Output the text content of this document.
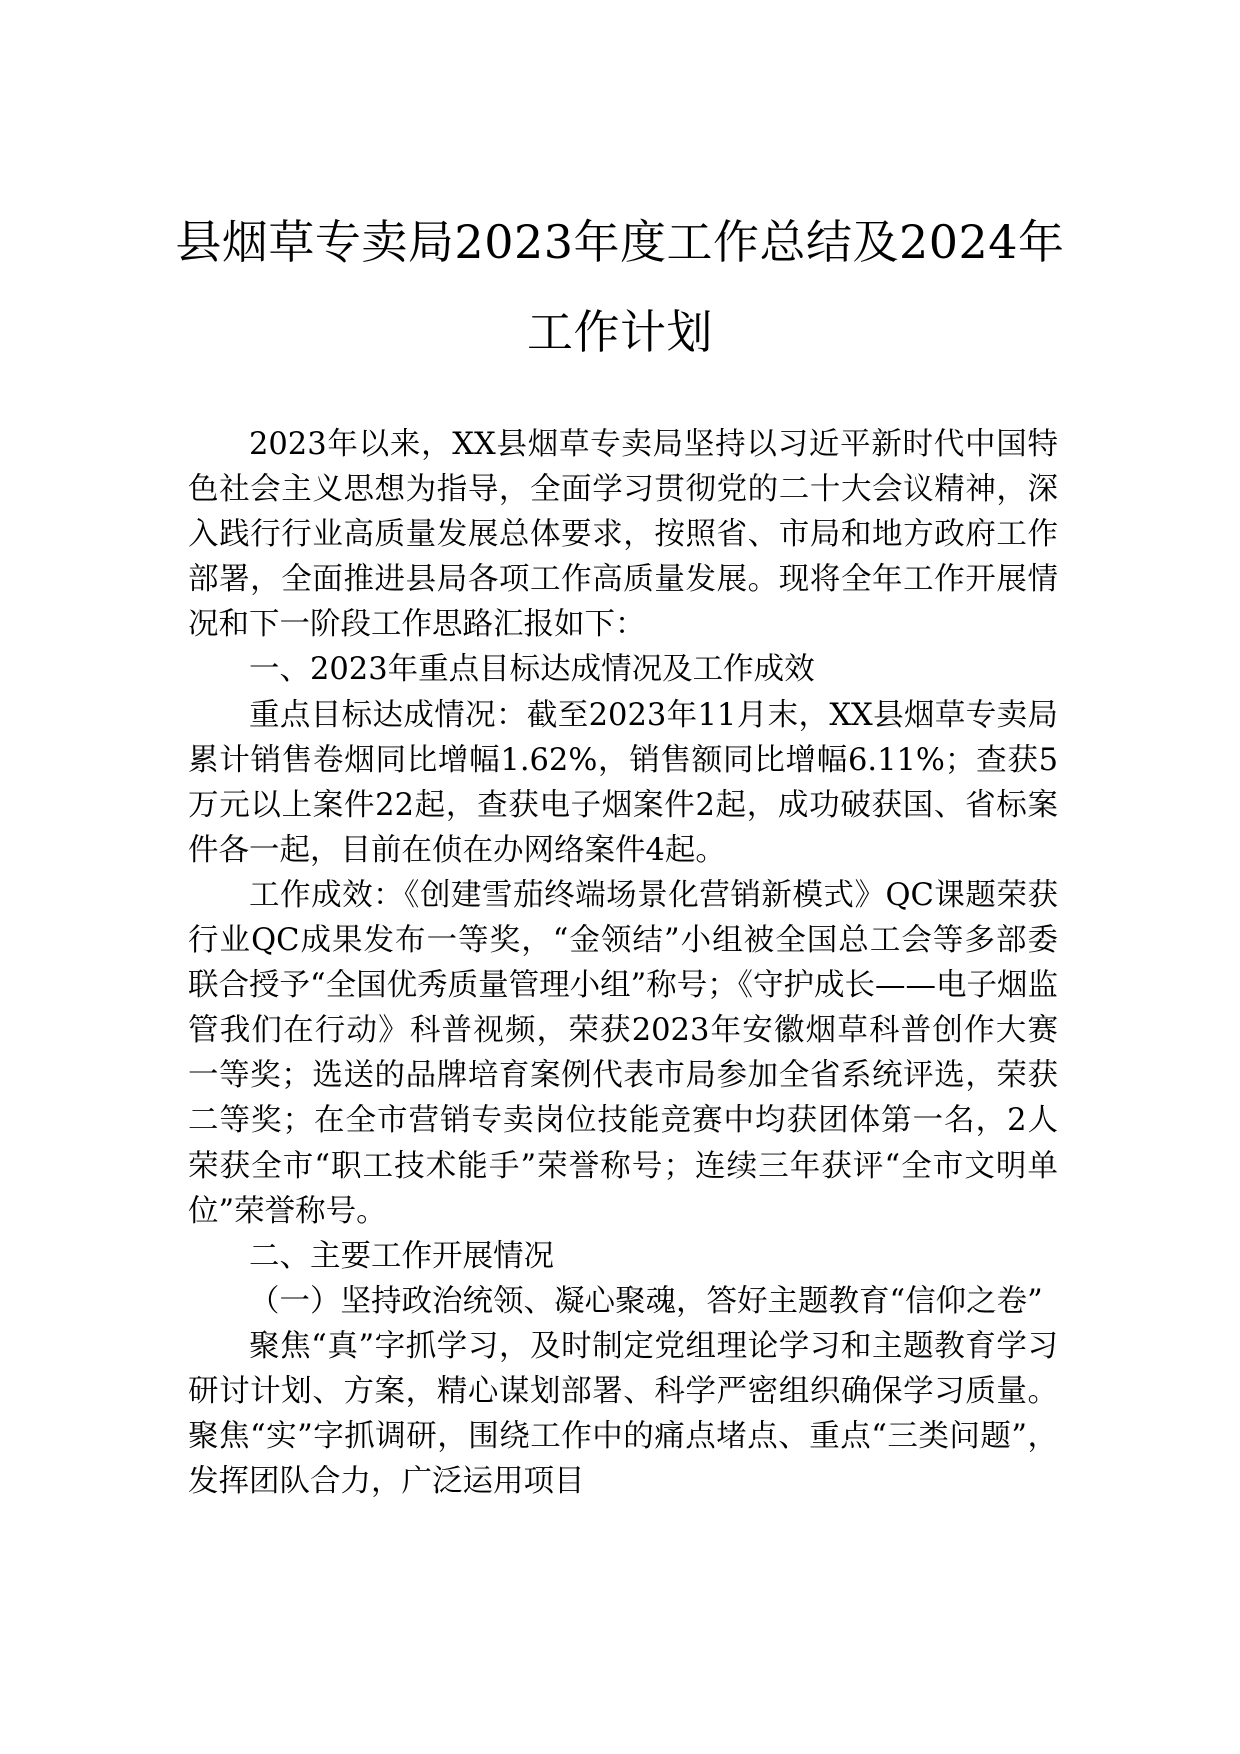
县烟草专卖局2023年度工作总结及2024年
工作计划

2023年以来，XX县烟草专卖局坚持以习近平新时代中国特色社会主义思想为指导，全面学习贯彻党的二十大会议精神，深入践行行业高质量发展总体要求，按照省、市局和地方政府工作部署，全面推进县局各项工作高质量发展。现将全年工作开展情况和下一阶段工作思路汇报如下：

一、2023年重点目标达成情况及工作成效

重点目标达成情况：截至2023年11月末，XX县烟草专卖局累计销售卷烟同比增幅1.62%，销售额同比增幅6.11%；查获5万元以上案件22起，查获电子烟案件2起，成功破获国、省标案件各一起，目前在侦在办网络案件4起。

工作成效：《创建雪茄终端场景化营销新模式》QC课题荣获行业QC成果发布一等奖，“金领结”小组被全国总工会等多部委联合授予“全国优秀质量管理小组”称号；《守护成长——电子烟监管我们在行动》科普视频，荣获2023年安徽烟草科普创作大赛一等奖；选送的品牌培育案例代表市局参加全省系统评选，荣获二等奖；在全市营销专卖岗位技能竞赛中均获团体第一名，2人荣获全市“职工技术能手”荣誉称号；连续三年获评“全市文明单位”荣誉称号。

二、主要工作开展情况

（一）坚持政治统领、凝心聚魂，答好主题教育“信仰之卷”

聚焦“真”字抓学习，及时制定党组理论学习和主题教育学习研讨计划、方案，精心谋划部署、科学严密组织确保学习质量。聚焦“实”字抓调研，围绕工作中的痛点堵点、重点“三类问题”，发挥团队合力，广泛运用项目
